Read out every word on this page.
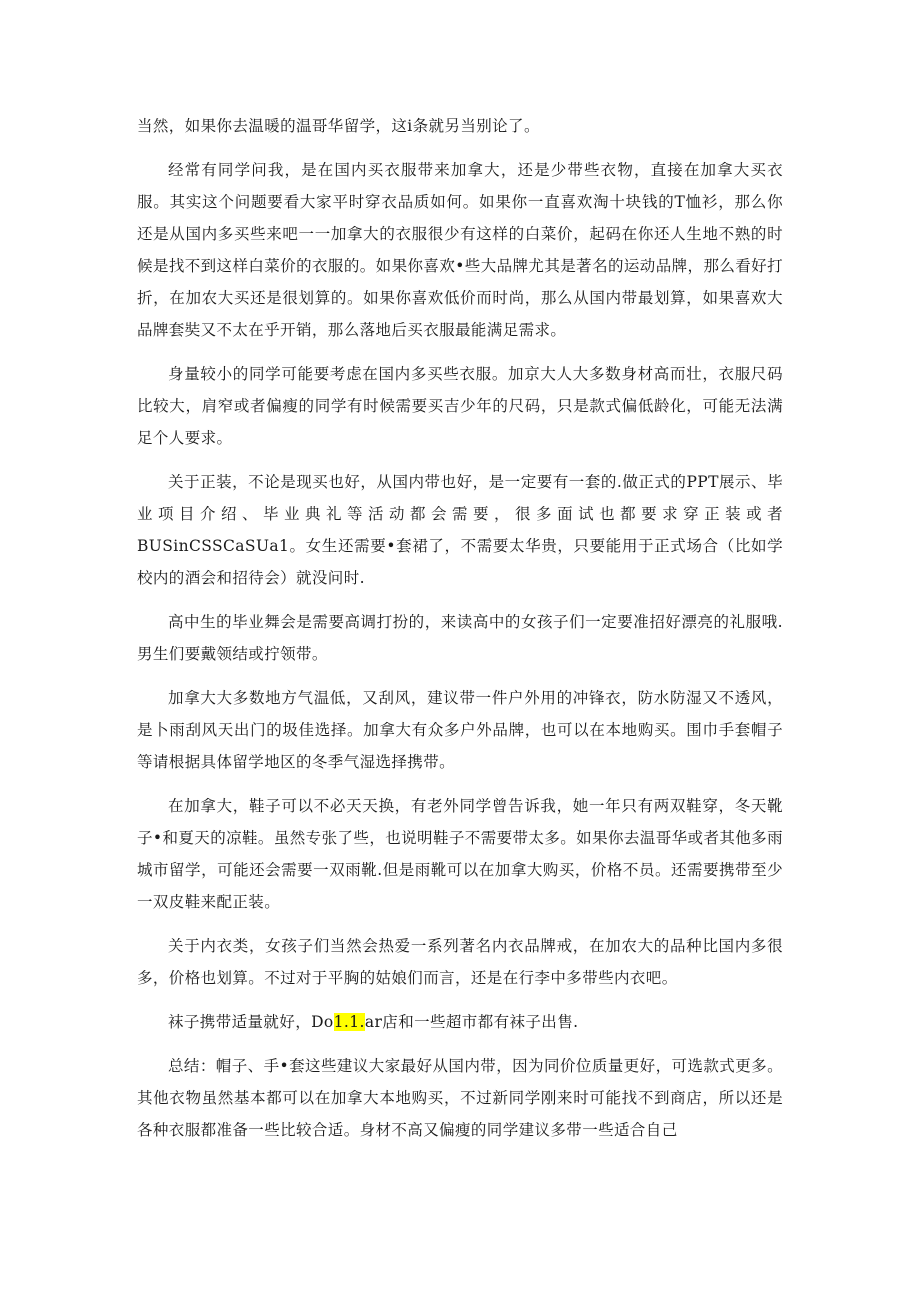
当然，如果你去温暖的温哥华留学，这i条就另当别论了。

经常有同学问我，是在国内买衣服带来加拿大，还是少带些衣物，直接在加拿大买衣服。其实这个问题要看大家平时穿衣品质如何。如果你一直喜欢淘十块钱的T恤衫，那么你还是从国内多买些来吧一一加拿大的衣服很少有这样的白菜价，起码在你还人生地不熟的时候是找不到这样白菜价的衣服的。如果你喜欢•些大品牌尤其是著名的运动品牌，那么看好打折，在加农大买还是很划算的。如果你喜欢低价而时尚，那么从国内带最划算，如果喜欢大品牌套奘又不太在乎开销，那么落地后买衣服最能满足需求。

身量较小的同学可能要考虑在国内多买些衣服。加京大人大多数身材高而壮，衣服尺码比较大，肩窄或者偏瘦的同学有时候需要买吉少年的尺码，只是款式偏低龄化，可能无法满足个人要求。

关于正装，不论是现买也好，从国内带也好，是一定要有一套的.做正式的PPT展示、毕业项目介绍、毕业典礼等活动都会需要，很多面试也都要求穿正装或者BUSinCSSCaSUa1。女生还需要•套裙了，不需要太华贵，只要能用于正式场合（比如学校内的酒会和招待会）就没问时.

高中生的毕业舞会是需要高调打扮的，来读高中的女孩子们一定要准招好漂亮的礼服哦.男生们要戴领结或拧领带。

加拿大大多数地方气温低，又刮风，建议带一件户外用的冲锋衣，防水防湿又不透风，是卜雨刮风天出门的圾佳选择。加拿大有众多户外品牌，也可以在本地购买。围巾手套帽子等请根据具体留学地区的冬季气湿选择携带。

在加拿大，鞋子可以不必天天换，有老外同学曾告诉我，她一年只有两双鞋穿，冬天靴子•和夏天的凉鞋。虽然专张了些，也说明鞋子不需要带太多。如果你去温哥华或者其他多雨城市留学，可能还会需要一双雨靴.但是雨靴可以在加拿大购买，价格不员。还需要携带至少一双皮鞋来配正装。

关于内衣类，女孩子们当然会热爱一系列著名内衣品牌戒，在加农大的品种比国内多很多，价格也划算。不过对于平胸的姑娘们而言，还是在行李中多带些内衣吧。

袜子携带适量就好，Do1.1.ar店和一些超市都有袜子出售.

总结：帽子、手•套这些建议大家最好从国内带，因为同价位质量更好，可选款式更多。其他衣物虽然基本都可以在加拿大本地购买，不过新同学刚来时可能找不到商店，所以还是各种衣服都准备一些比较合适。身材不高又偏瘦的同学建议多带一些适合自己
